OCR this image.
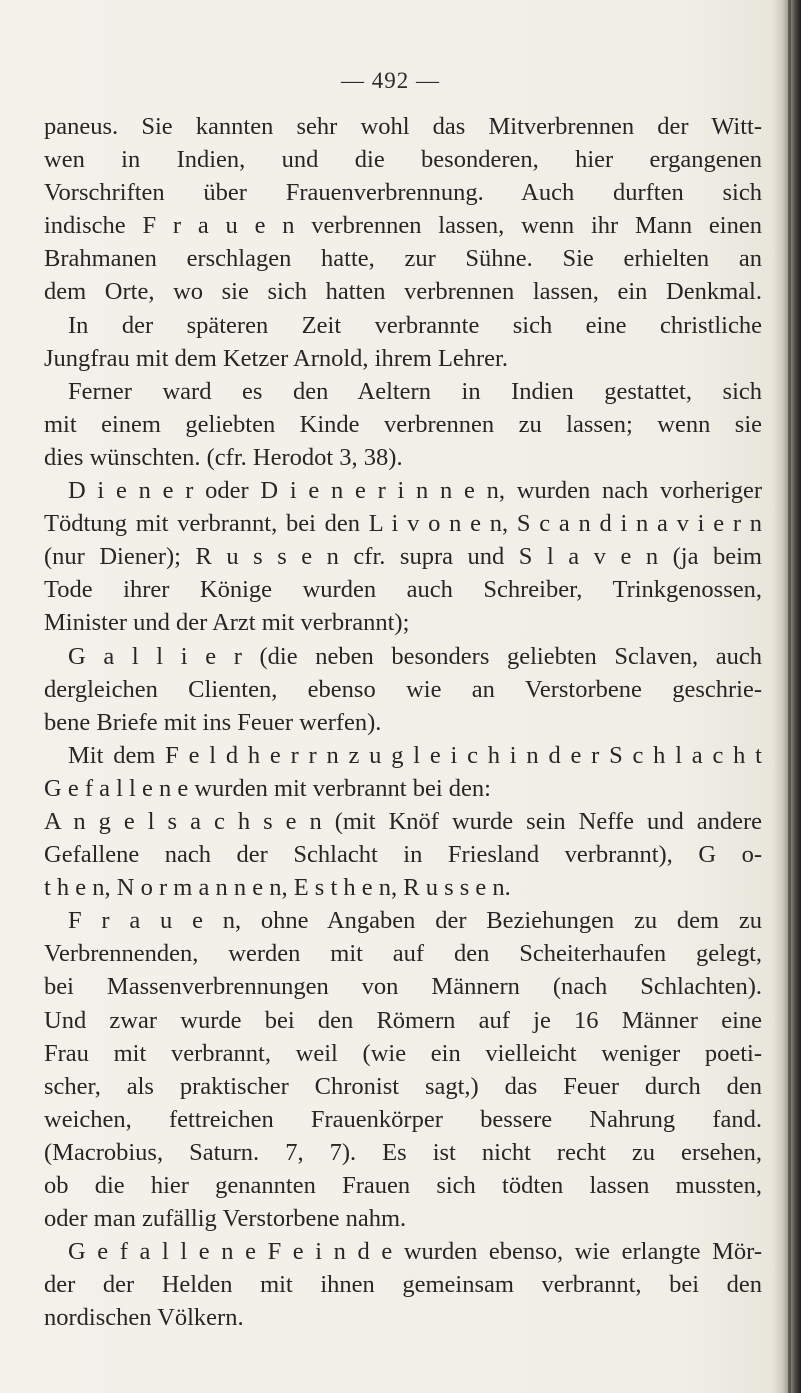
— 492 —
paneus. Sie kannten sehr wohl das Mitverbrennen der Witt-
wen in Indien, und die besonderen, hier ergangenen
Vorschriften über Frauenverbrennung. Auch durften sich
indische F r a u e n verbrennen lassen, wenn ihr Mann einen
Brahmanen erschlagen hatte, zur Sühne. Sie erhielten an
dem Orte, wo sie sich hatten verbrennen lassen, ein Denkmal.
In der späteren Zeit verbrannte sich eine christliche
Jungfrau mit dem Ketzer Arnold, ihrem Lehrer.
Ferner ward es den Aeltern in Indien gestattet, sich
mit einem geliebten Kinde verbrennen zu lassen; wenn sie
dies wünschten. (cfr. Herodot 3, 38).
D i e n e r oder D i e n e r i n n e n, wurden nach vorheriger
Tödtung mit verbrannt, bei den L i v o n e n, S c a n d i n a v i e r n
(nur Diener); R u s s e n cfr. supra und S l a v e n (ja beim
Tode ihrer Könige wurden auch Schreiber, Trinkgenossen,
Minister und der Arzt mit verbrannt);
G a l l i e r (die neben besonders geliebten Sclaven, auch
dergleichen Clienten, ebenso wie an Verstorbene geschrie-
bene Briefe mit ins Feuer werfen).
Mit dem F e l d h e r r n z u g l e i c h i n d e r S c h l a c h t
G e f a l l e n e wurden mit verbrannt bei den:
A n g e l s a c h s e n (mit Knöf wurde sein Neffe und andere
Gefallene nach der Schlacht in Friesland verbrannt), G o-
t h e n, N o r m a n n e n, E s t h e n, R u s s e n.
F r a u e n, ohne Angaben der Beziehungen zu dem zu
Verbrennenden, werden mit auf den Scheiterhaufen gelegt,
bei Massenverbrennungen von Männern (nach Schlachten).
Und zwar wurde bei den Römern auf je 16 Männer eine
Frau mit verbrannt, weil (wie ein vielleicht weniger poeti-
scher, als praktischer Chronist sagt,) das Feuer durch den
weichen, fettreichen Frauenkörper bessere Nahrung fand.
(Macrobius, Saturn. 7, 7). Es ist nicht recht zu ersehen,
ob die hier genannten Frauen sich tödten lassen mussten,
oder man zufällig Verstorbene nahm.
G e f a l l e n e F e i n d e wurden ebenso, wie erlangte Mör-
der der Helden mit ihnen gemeinsam verbrannt, bei den
nordischen Völkern.
